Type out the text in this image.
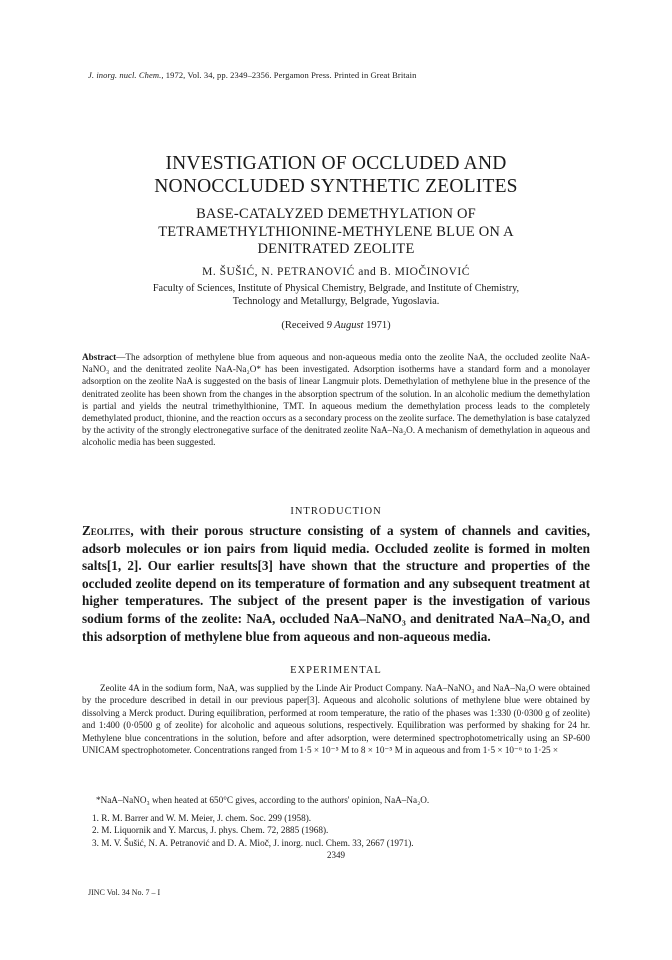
J. inorg. nucl. Chem., 1972, Vol. 34, pp. 2349–2356. Pergamon Press. Printed in Great Britain
INVESTIGATION OF OCCLUDED AND
NONOCCLUDED SYNTHETIC ZEOLITES
BASE-CATALYZED DEMETHYLATION OF
TETRAMETHYLTHIONINE-METHYLENE BLUE ON A
DENITRATED ZEOLITE
M. ŠUŠIĆ, N. PETRANOVIĆ and B. MIOČINOVIĆ
Faculty of Sciences, Institute of Physical Chemistry, Belgrade, and Institute of Chemistry,
Technology and Metallurgy, Belgrade, Yugoslavia.
(Received 9 August 1971)
Abstract—The adsorption of methylene blue from aqueous and non-aqueous media onto the zeolite NaA, the occluded zeolite NaA-NaNO₃ and the denitrated zeolite NaA-Na₂O* has been investigated. Adsorption isotherms have a standard form and a monolayer adsorption on the zeolite NaA is suggested on the basis of linear Langmuir plots. Demethylation of methylene blue in the presence of the denitrated zeolite has been shown from the changes in the absorption spectrum of the solution. In an alcoholic medium the demethylation is partial and yields the neutral trimethylthionine, TMT. In aqueous medium the demethylation process leads to the completely demethylated product, thionine, and the reaction occurs as a secondary process on the zeolite surface. The demethylation is base catalyzed by the activity of the strongly electronegative surface of the denitrated zeolite NaA–Na₂O. A mechanism of demethylation in aqueous and alcoholic media has been suggested.
INTRODUCTION
Zeolites, with their porous structure consisting of a system of channels and cavities, adsorb molecules or ion pairs from liquid media. Occluded zeolite is formed in molten salts[1, 2]. Our earlier results[3] have shown that the structure and properties of the occluded zeolite depend on its temperature of formation and any subsequent treatment at higher temperatures. The subject of the present paper is the investigation of various sodium forms of the zeolite: NaA, occluded NaA–NaNO₃ and denitrated NaA–Na₂O, and this adsorption of methylene blue from aqueous and non-aqueous media.
EXPERIMENTAL
Zeolite 4A in the sodium form, NaA, was supplied by the Linde Air Product Company. NaA–NaNO₃ and NaA–Na₂O were obtained by the procedure described in detail in our previous paper[3]. Aqueous and alcoholic solutions of methylene blue were obtained by dissolving a Merck product. During equilibration, performed at room temperature, the ratio of the phases was 1:330 (0·0300 g of zeolite) and 1:400 (0·0500 g of zeolite) for alcoholic and aqueous solutions, respectively. Equilibration was performed by shaking for 24 hr. Methylene blue concentrations in the solution, before and after adsorption, were determined spectrophotometrically using an SP-600 UNICAM spectrophotometer. Concentrations ranged from 1·5 × 10⁻⁵ M to 8 × 10⁻⁵ M in aqueous and from 1·5 × 10⁻⁶ to 1·25 ×
*NaA–NaNO₃ when heated at 650°C gives, according to the authors' opinion, NaA–Na₂O.
1. R. M. Barrer and W. M. Meier, J. chem. Soc. 299 (1958).
2. M. Liquornik and Y. Marcus, J. phys. Chem. 72, 2885 (1968).
3. M. V. Šušić, N. A. Petranović and D. A. Mioč, J. inorg. nucl. Chem. 33, 2667 (1971).
2349
JINC Vol. 34 No. 7 – I
